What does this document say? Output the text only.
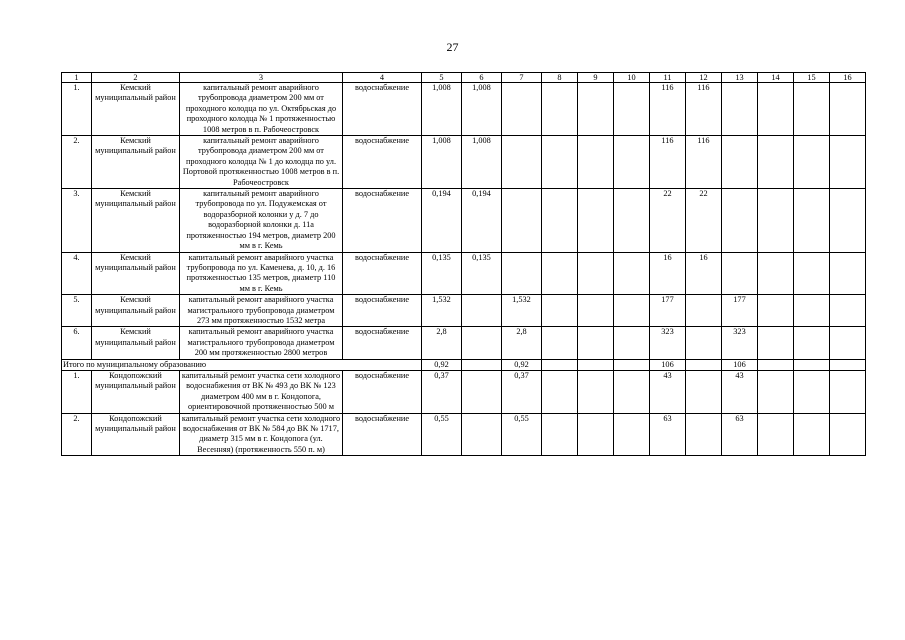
27
1	2	3	4	5	6	7	8	9	10	11	12	13	14	15	16
1.	Кемский муниципальный район	капитальный ремонт аварийного трубопровода диаметром 200 мм от проходного колодца по ул. Октябрьская до проходного колодца № 1 протяженностью 1008 метров в п. Рабочеостровск	водоснабжение	1,008	1,008					116	116				
2.	Кемский муниципальный район	капитальный ремонт аварийного трубопровода диаметром 200 мм от проходного колодца № 1 до колодца по ул. Портовой протяженностью 1008 метров в п. Рабочеостровск	водоснабжение	1,008	1,008					116	116				
3.	Кемский муниципальный район	капитальный ремонт аварийного трубопровода по ул. Подужемская от водоразборной колонки у д. 7 до водоразборной колонки д. 11а протяженностью 194 метров, диаметр 200 мм в г. Кемь	водоснабжение	0,194	0,194					22	22				
4.	Кемский муниципальный район	капитальный ремонт аварийного участка трубопровода по ул. Каменева, д. 10, д. 16 протяженностью 135 метров, диаметр 110 мм в г. Кемь	водоснабжение	0,135	0,135					16	16				
5.	Кемский муниципальный район	капитальный ремонт аварийного участка магистрального трубопровода диаметром 273 мм протяженностью 1532 метра	водоснабжение	1,532		1,532				177		177			
6.	Кемский муниципальный район	капитальный ремонт аварийного участка магистрального трубопровода диаметром 200 мм протяженностью 2800 метров	водоснабжение	2,8		2,8				323		323			
Итого по муниципальному образованию				0,92		0,92				106		106			
1.	Кондопожский муниципальный район	капитальный ремонт участка сети холодного водоснабжения от ВК № 493 до ВК № 123 диаметром 400 мм в г. Кондопога, ориентировочной протяженностью 500 м	водоснабжение	0,37		0,37				43		43			
2.	Кондопожский муниципальный район	капитальный ремонт участка сети холодного водоснабжения от ВК № 584 до ВК № 1717, диаметр 315 мм в г. Кондопога (ул. Весенняя) (протяженность 550 п. м)	водоснабжение	0,55		0,55				63		63			
